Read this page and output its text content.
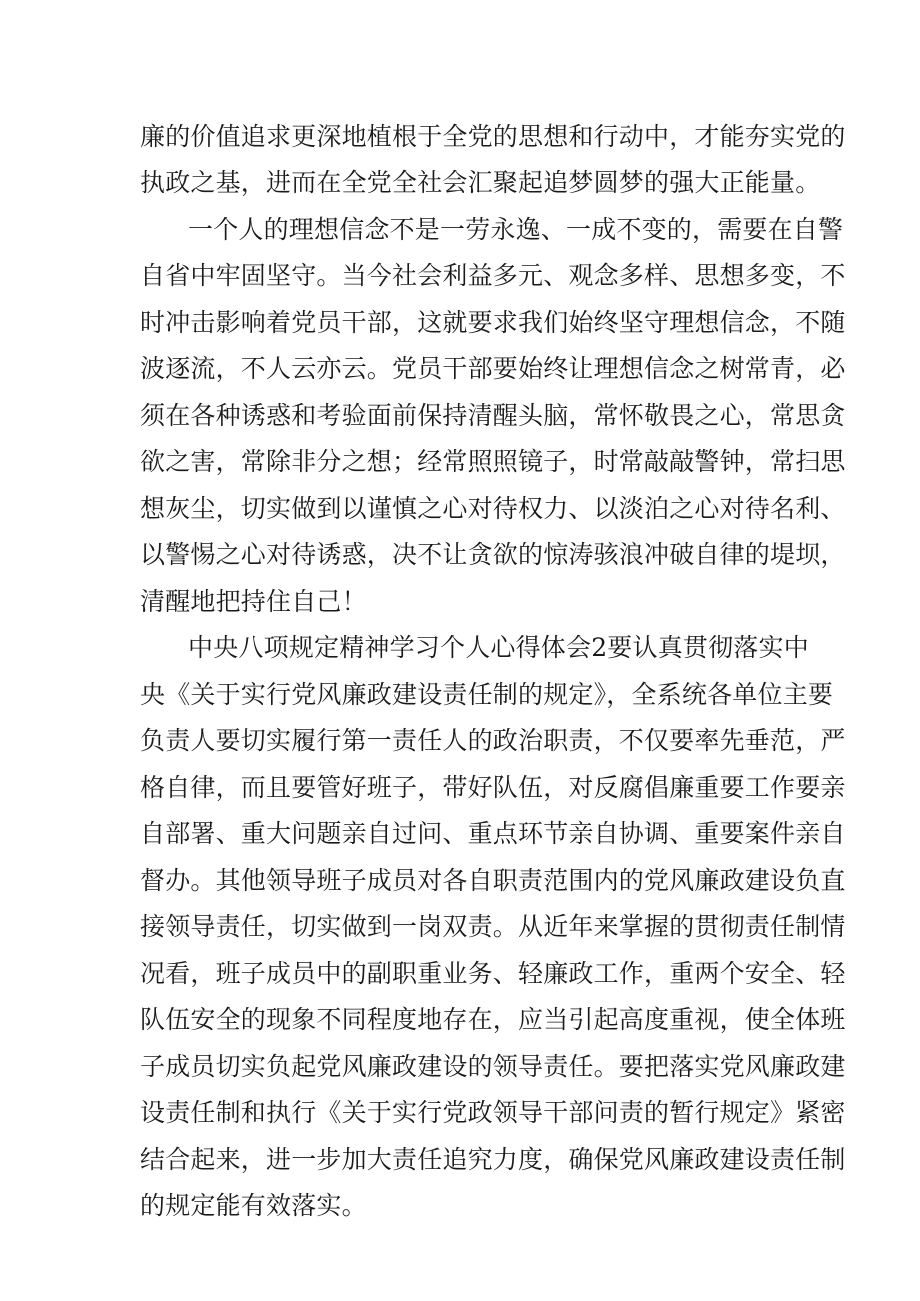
廉的价值追求更深地植根于全党的思想和行动中，才能夯实党的
执政之基，进而在全党全社会汇聚起追梦圆梦的强大正能量。
一个人的理想信念不是一劳永逸、一成不变的，需要在自警
自省中牢固坚守。当今社会利益多元、观念多样、思想多变，不
时冲击影响着党员干部，这就要求我们始终坚守理想信念，不随
波逐流，不人云亦云。党员干部要始终让理想信念之树常青，必
须在各种诱惑和考验面前保持清醒头脑，常怀敬畏之心，常思贪
欲之害，常除非分之想；经常照照镜子，时常敲敲警钟，常扫思
想灰尘，切实做到以谨慎之心对待权力、以淡泊之心对待名利、
以警惕之心对待诱惑，决不让贪欲的惊涛骇浪冲破自律的堤坝，
清醒地把持住自己！
中央八项规定精神学习个人心得体会2要认真贯彻落实中
央《关于实行党风廉政建设责任制的规定》，全系统各单位主要
负责人要切实履行第一责任人的政治职责，不仅要率先垂范，严
格自律，而且要管好班子，带好队伍，对反腐倡廉重要工作要亲
自部署、重大问题亲自过问、重点环节亲自协调、重要案件亲自
督办。其他领导班子成员对各自职责范围内的党风廉政建设负直
接领导责任，切实做到一岗双责。从近年来掌握的贯彻责任制情
况看，班子成员中的副职重业务、轻廉政工作，重两个安全、轻
队伍安全的现象不同程度地存在，应当引起高度重视，使全体班
子成员切实负起党风廉政建设的领导责任。要把落实党风廉政建
设责任制和执行《关于实行党政领导干部问责的暂行规定》紧密
结合起来，进一步加大责任追究力度，确保党风廉政建设责任制
的规定能有效落实。
